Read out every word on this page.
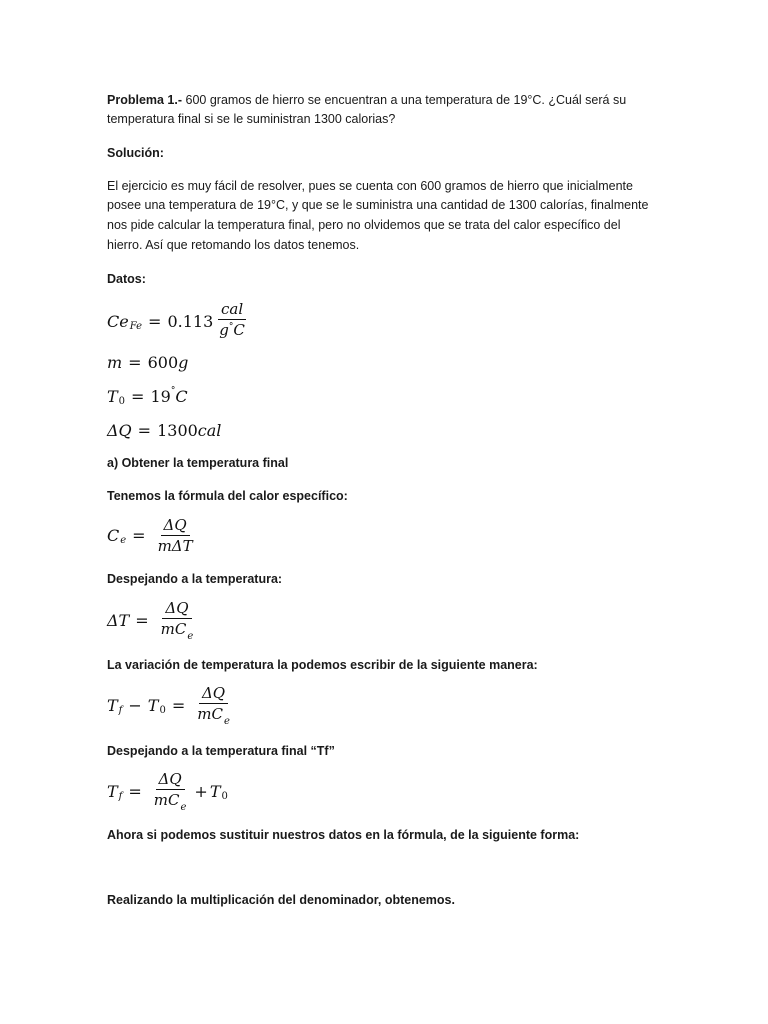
Problema 1.- 600 gramos de hierro se encuentran a una temperatura de 19°C. ¿Cuál será su
temperatura final si se le suministran 1300 calorias?
Solución:
El ejercicio es muy fácil de resolver, pues se cuenta con 600 gramos de hierro que inicialmente
posee una temperatura de 19°C, y que se le suministra una cantidad de 1300 calorías, finalmente
nos pide calcular la temperatura final, pero no olvidemos que se trata del calor específico del
hierro. Así que retomando los datos tenemos.
Datos:
Ce $Fe = 0.113 \frac{\text{cal}}{g^\circ C}$
m = 600 g
T 0 = 19 ° C
ΔQ = 1300 cal
a) Obtener la temperatura final
Tenemos la fórmula del calor específico:
C $e = \frac{\Delta Q}{\text{mΔT}}$
Despejando a la temperatura:
$\Delta T = \frac{\Delta Q}{mC_e}$
La variación de temperatura la podemos escribir de la siguiente manera:
T f − T $0 = \frac{\Delta Q}{mC_e}$
Despejando a la temperatura final “Tf”
T $f = \frac{\Delta Q}{mC_e} + T$ 0
Ahora si podemos sustituir nuestros datos en la fórmula, de la siguiente forma:
Realizando la multiplicación del denominador, obtenemos.
